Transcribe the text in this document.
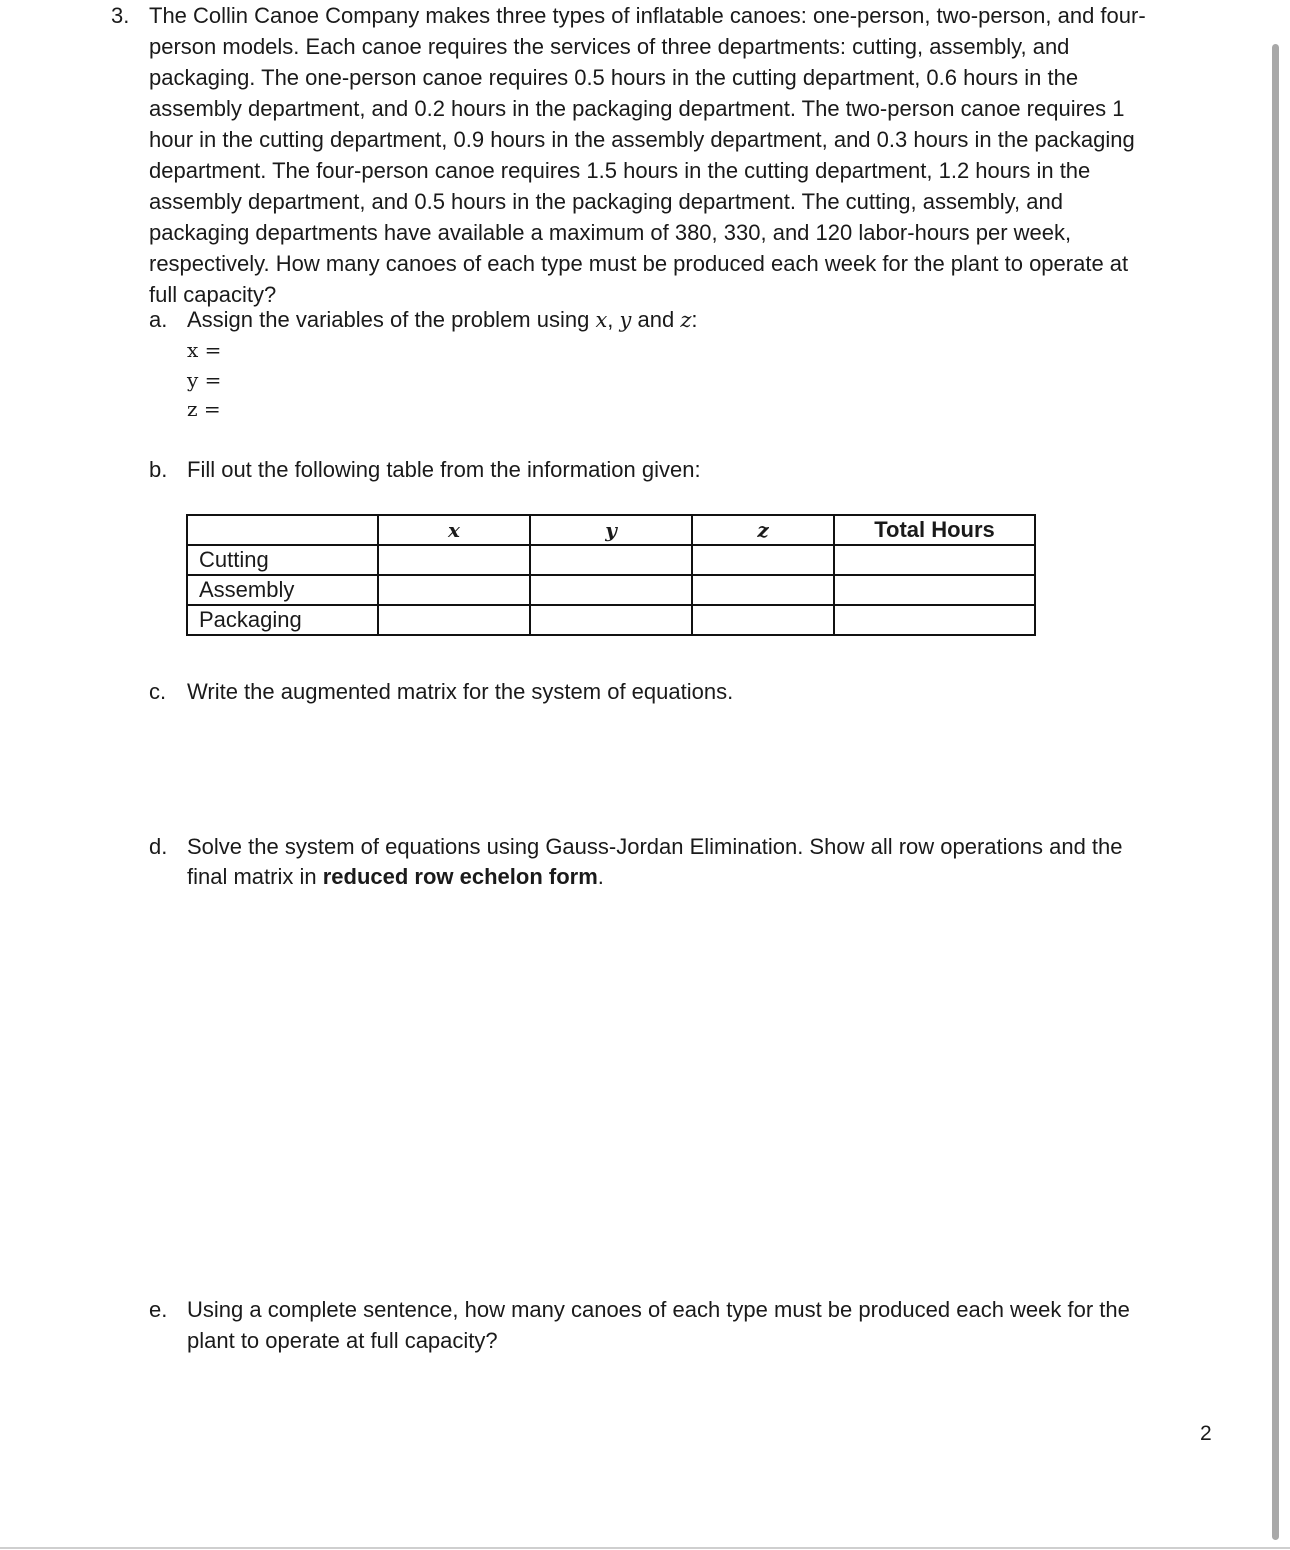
3. The Collin Canoe Company makes three types of inflatable canoes: one-person, two-person, and four-
person models. Each canoe requires the services of three departments: cutting, assembly, and
packaging. The one-person canoe requires 0.5 hours in the cutting department, 0.6 hours in the
assembly department, and 0.2 hours in the packaging department. The two-person canoe requires 1
hour in the cutting department, 0.9 hours in the assembly department, and 0.3 hours in the packaging
department. The four-person canoe requires 1.5 hours in the cutting department, 1.2 hours in the
assembly department, and 0.5 hours in the packaging department. The cutting, assembly, and
packaging departments have available a maximum of 380, 330, and 120 labor-hours per week,
respectively. How many canoes of each type must be produced each week for the plant to operate at
full capacity?
a. Assign the variables of the problem using x, y and z:
x =
y =
z =
b. Fill out the following table from the information given:
	x	y	z	Total Hours
Cutting				
Assembly				
Packaging				
c. Write the augmented matrix for the system of equations.
d. Solve the system of equations using Gauss-Jordan Elimination. Show all row operations and the
final matrix in reduced row echelon form.
e. Using a complete sentence, how many canoes of each type must be produced each week for the
plant to operate at full capacity?
2
